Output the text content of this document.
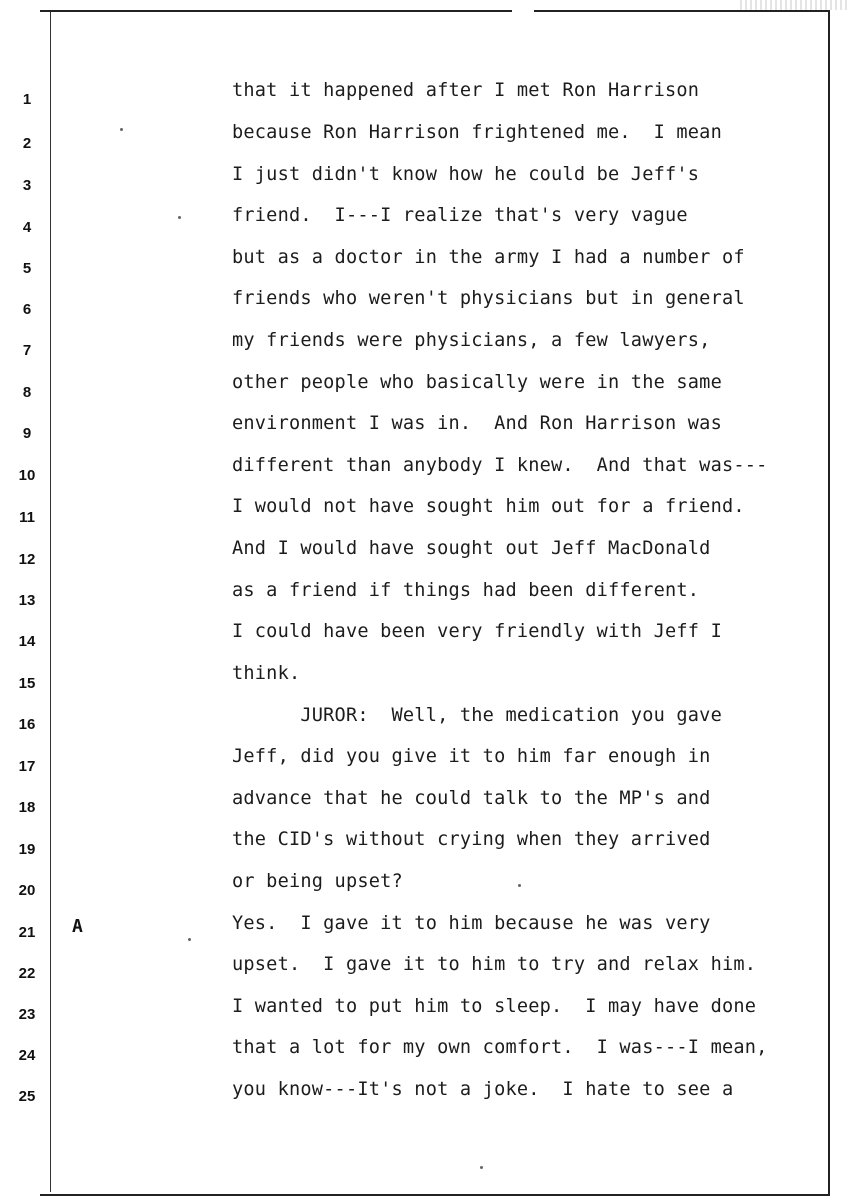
1
2
3
4
5
6
7
8
9
10
11
12
13
14
15
16
17
18
19
20
21
22
23
24
25
A
that it happened after I met Ron Harrison
because Ron Harrison frightened me.  I mean
I just didn't know how he could be Jeff's
friend.  I---I realize that's very vague
but as a doctor in the army I had a number of
friends who weren't physicians but in general
my friends were physicians, a few lawyers,
other people who basically were in the same
environment I was in.  And Ron Harrison was
different than anybody I knew.  And that was---
I would not have sought him out for a friend.
And I would have sought out Jeff MacDonald
as a friend if things had been different.
I could have been very friendly with Jeff I
think.
JUROR:  Well, the medication you gave
Jeff, did you give it to him far enough in
advance that he could talk to the MP's and
the CID's without crying when they arrived
or being upset?
Yes.  I gave it to him because he was very
upset.  I gave it to him to try and relax him.
I wanted to put him to sleep.  I may have done
that a lot for my own comfort.  I was---I mean,
you know---It's not a joke.  I hate to see a
